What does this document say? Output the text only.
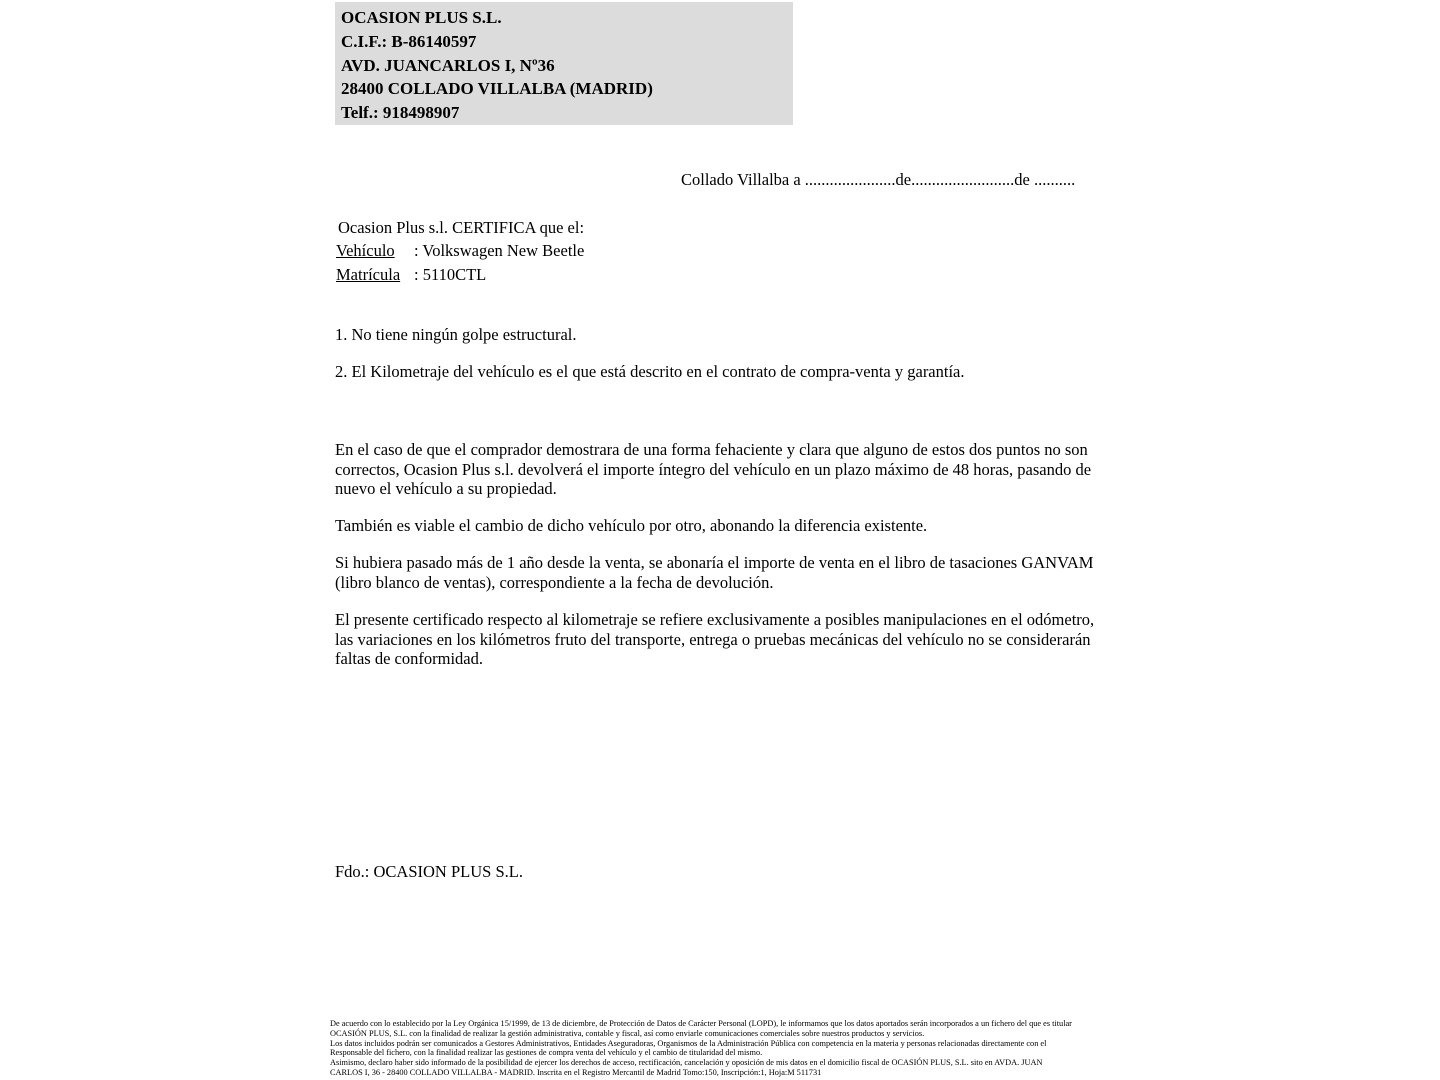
OCASION PLUS S.L.
C.I.F.: B-86140597
AVD. JUANCARLOS I, Nº36
28400 COLLADO VILLALBA (MADRID)
Telf.: 918498907
Collado Villalba a ......................de.........................de ..........
Ocasion Plus s.l. CERTIFICA que el:
Vehículo : Volkswagen New Beetle
Matrícula : 5110CTL
1. No tiene ningún golpe estructural.
2. El Kilometraje del vehículo es el que está descrito en el contrato de compra-venta y garantía.

En el caso de que el comprador demostrara de una forma fehaciente y clara que alguno de estos dos puntos no son correctos, Ocasion Plus s.l. devolverá el importe íntegro del vehículo en un plazo máximo de 48 horas, pasando de nuevo el vehículo a su propiedad.

También es viable el cambio de dicho vehículo por otro, abonando la diferencia existente.

Si hubiera pasado más de 1 año desde la venta, se abonaría el importe de venta en el libro de tasaciones GANVAM (libro blanco de ventas), correspondiente a la fecha de devolución.

El presente certificado respecto al kilometraje se refiere exclusivamente a posibles manipulaciones en el odómetro, las variaciones en los kilómetros fruto del transporte, entrega o pruebas mecánicas del vehículo no se considerarán faltas de conformidad.

Fdo.: OCASION PLUS S.L.
De acuerdo con lo establecido por la Ley Orgánica 15/1999, de 13 de diciembre, de Protección de Datos de Carácter Personal (LOPD), le informamos que los datos aportados serán incorporados a un fichero del que es titular
OCASIÓN PLUS, S.L. con la finalidad de realizar la gestión administrativa, contable y fiscal, así como enviarle comunicaciones comerciales sobre nuestros productos y servicios.
Los datos incluidos podrán ser comunicados a Gestores Administrativos, Entidades Aseguradoras, Organismos de la Administración Pública con competencia en la materia y personas relacionadas directamente con el
Responsable del fichero, con la finalidad realizar las gestiones de compra venta del vehículo y el cambio de titularidad del mismo.
Asimismo, declaro haber sido informado de la posibilidad de ejercer los derechos de acceso, rectificación, cancelación y oposición de mis datos en el domicilio fiscal de OCASIÓN PLUS, S.L. sito en AVDA. JUAN
CARLOS I, 36 - 28400 COLLADO VILLALBA - MADRID. Inscrita en el Registro Mercantil de Madrid Tomo:150, Inscripción:1, Hoja:M 511731
